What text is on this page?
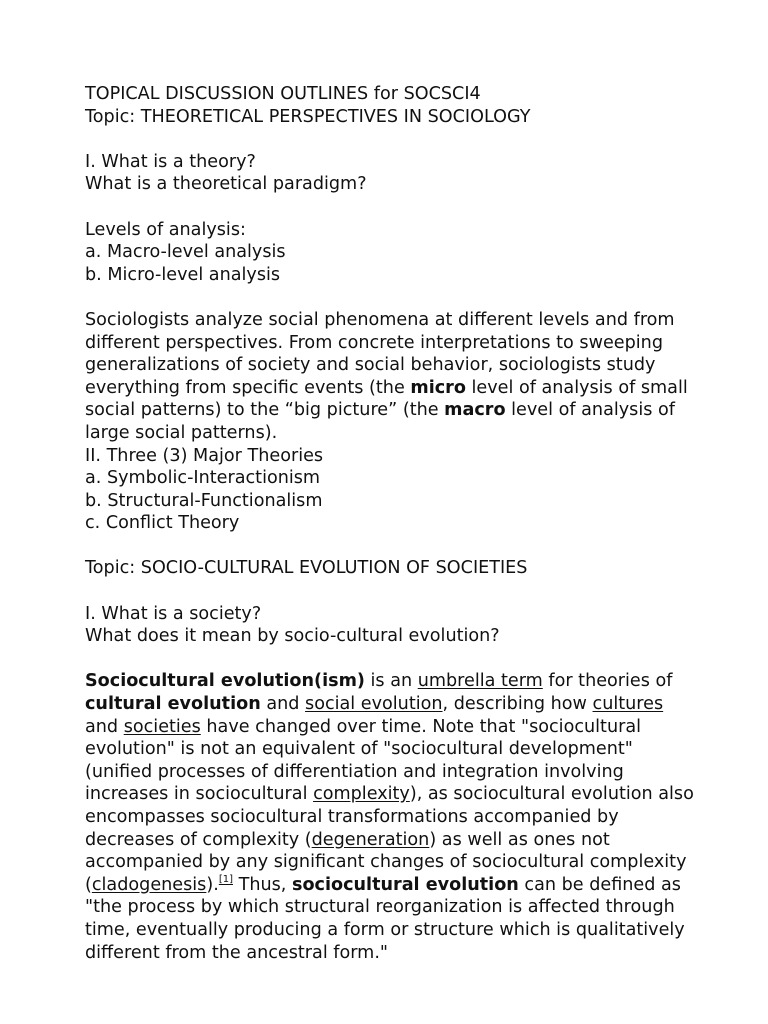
TOPICAL DISCUSSION OUTLINES for SOCSCI4
Topic: THEORETICAL PERSPECTIVES IN SOCIOLOGY
I. What is a theory?
What is a theoretical paradigm?
Levels of analysis:
a. Macro-level analysis
b. Micro-level analysis
Sociologists analyze social phenomena at different levels and from different perspectives. From concrete interpretations to sweeping generalizations of society and social behavior, sociologists study everything from specific events (the micro level of analysis of small social patterns) to the “big picture” (the macro level of analysis of large social patterns).
II. Three (3) Major Theories
a. Symbolic-Interactionism
b. Structural-Functionalism
c. Conflict Theory
Topic: SOCIO-CULTURAL EVOLUTION OF SOCIETIES
I. What is a society?
What does it mean by socio-cultural evolution?
Sociocultural evolution(ism) is an umbrella term for theories of cultural evolution and social evolution, describing how cultures and societies have changed over time. Note that "sociocultural evolution" is not an equivalent of "sociocultural development" (unified processes of differentiation and integration involving increases in sociocultural complexity), as sociocultural evolution also encompasses sociocultural transformations accompanied by decreases of complexity (degeneration) as well as ones not accompanied by any significant changes of sociocultural complexity (cladogenesis).[1] Thus, sociocultural evolution can be defined as "the process by which structural reorganization is affected through time, eventually producing a form or structure which is qualitatively different from the ancestral form."
